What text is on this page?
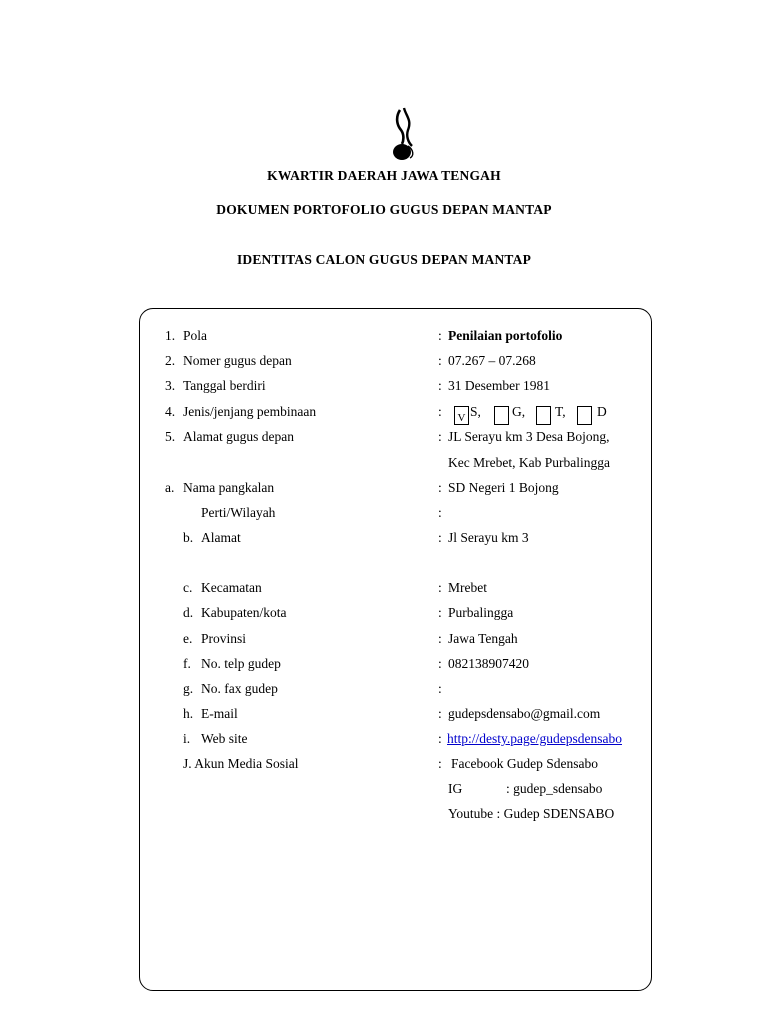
KWARTIR DAERAH JAWA TENGAH
DOKUMEN PORTOFOLIO GUGUS DEPAN MANTAP
IDENTITAS CALON GUGUS DEPAN MANTAP
1. Pola	: Penilaian portofolio
2. Nomer gugus depan	: 07.267 – 07.268
3. Tanggal berdiri	: 31 Desember 1981
4. Jenis/jenjang pembinaan	:	V S, G, T, D
5. Alamat gugus depan	: JL Serayu km 3 Desa Bojong,
Kec Mrebet, Kab Purbalingga
a. Nama pangkalan	: SD Negeri 1 Bojong
Perti/Wilayah	:
b. Alamat	: Jl Serayu km 3
c. Kecamatan	: Mrebet
d. Kabupaten/kota	: Purbalingga
e. Provinsi	: Jawa Tengah
f. No. telp gudep	: 082138907420
g. No. fax gudep	:
h. E-mail	: gudepsdensabo@gmail.com
i. Web site	: http://desty.page/gudepsdensabo
J. Akun Media Sosial	: Facebook Gudep Sdensabo
IG	: gudep_sdensabo
Youtube : Gudep SDENSABO
